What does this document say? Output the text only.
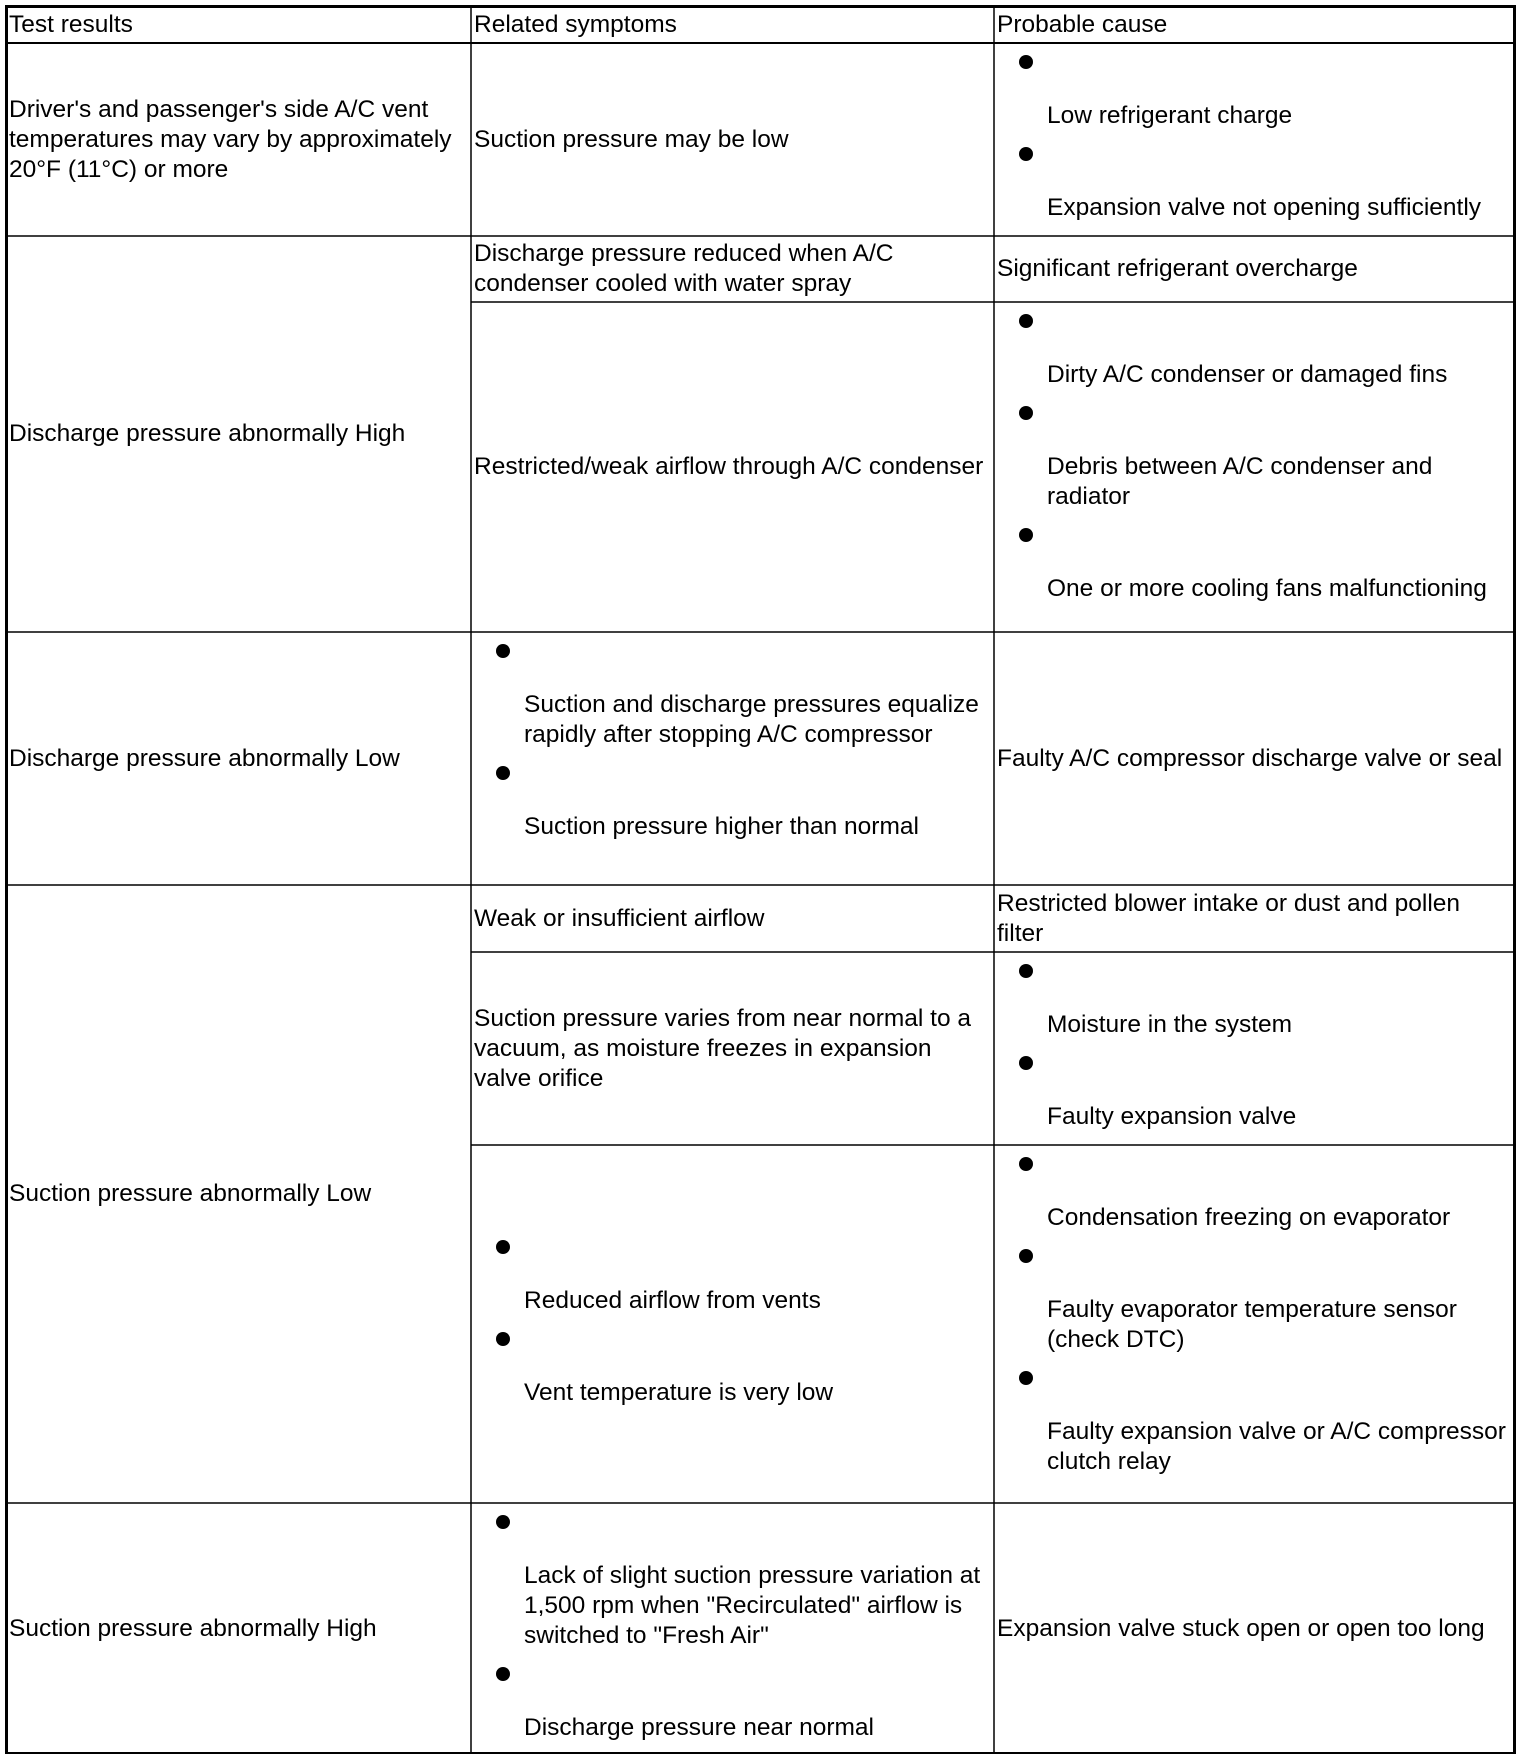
Test results	Related symptoms	Probable cause
Driver's and passenger's side A/C vent temperatures may vary by approximately 20°F (11°C) or more
Suction pressure may be low
Low refrigerant charge
Expansion valve not opening sufficiently
Discharge pressure abnormally High
Discharge pressure reduced when A/C condenser cooled with water spray
Significant refrigerant overcharge
Restricted/weak airflow through A/C condenser
Dirty A/C condenser or damaged fins
Debris between A/C condenser and radiator
One or more cooling fans malfunctioning
Discharge pressure abnormally Low
Suction and discharge pressures equalize rapidly after stopping A/C compressor
Suction pressure higher than normal
Faulty A/C compressor discharge valve or seal
Suction pressure abnormally Low
Weak or insufficient airflow
Restricted blower intake or dust and pollen filter
Suction pressure varies from near normal to a vacuum, as moisture freezes in expansion valve orifice
Moisture in the system
Faulty expansion valve
Reduced airflow from vents
Vent temperature is very low
Condensation freezing on evaporator
Faulty evaporator temperature sensor (check DTC)
Faulty expansion valve or A/C compressor clutch relay
Suction pressure abnormally High
Lack of slight suction pressure variation at 1,500 rpm when "Recirculated" airflow is switched to "Fresh Air"
Discharge pressure near normal
Expansion valve stuck open or open too long
